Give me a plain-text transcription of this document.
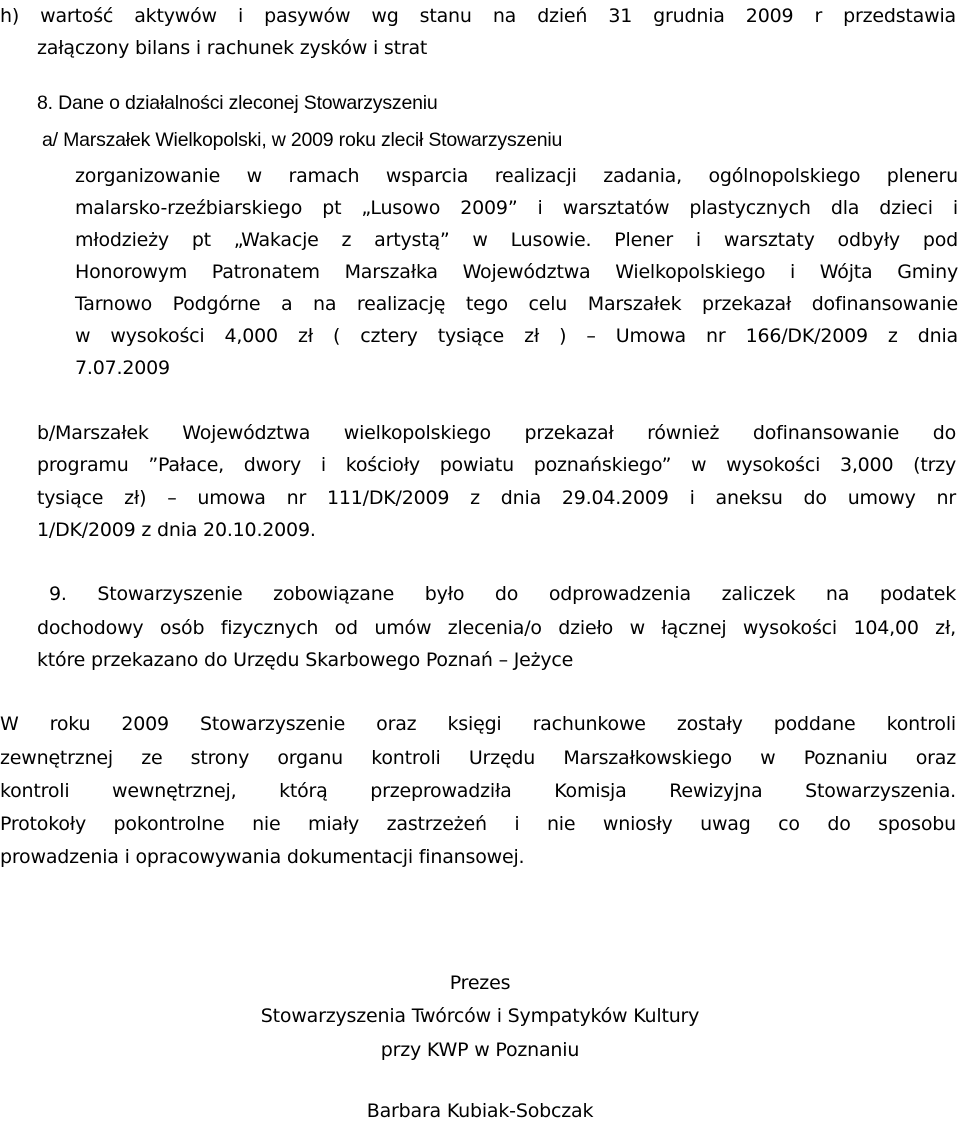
h) wartość aktywów i pasywów wg stanu na dzień 31 grudnia 2009 r przedstawia
załączony bilans i rachunek zysków i strat
8. Dane o działalności zleconej Stowarzyszeniu
a/ Marszałek Wielkopolski, w 2009 roku zlecił Stowarzyszeniu
zorganizowanie w ramach wsparcia realizacji zadania, ogólnopolskiego pleneru
malarsko-rzeźbiarskiego pt „Lusowo 2009” i warsztatów plastycznych dla dzieci i
młodzieży pt „Wakacje z artystą” w Lusowie. Plener i warsztaty odbyły pod
Honorowym Patronatem Marszałka Województwa Wielkopolskiego i Wójta Gminy
Tarnowo Podgórne a na realizację tego celu Marszałek przekazał dofinansowanie
w wysokości 4,000 zł ( cztery tysiące zł ) – Umowa nr 166/DK/2009 z dnia
7.07.2009
b/Marszałek Województwa wielkopolskiego przekazał również dofinansowanie do
programu ”Pałace, dwory i kościoły powiatu poznańskiego” w wysokości 3,000 (trzy
tysiące zł) – umowa nr 111/DK/2009 z dnia 29.04.2009 i aneksu do umowy nr
1/DK/2009 z dnia 20.10.2009.
9. Stowarzyszenie zobowiązane było do odprowadzenia zaliczek na podatek
dochodowy osób fizycznych od umów zlecenia/o dzieło w łącznej wysokości 104,00 zł,
które przekazano do Urzędu Skarbowego Poznań – Jeżyce
W roku 2009 Stowarzyszenie oraz księgi rachunkowe zostały poddane kontroli
zewnętrznej ze strony organu kontroli Urzędu Marszałkowskiego w Poznaniu oraz
kontroli wewnętrznej, którą przeprowadziła Komisja Rewizyjna Stowarzyszenia.
Protokoły pokontrolne nie miały zastrzeżeń i nie wniosły uwag co do sposobu
prowadzenia i opracowywania dokumentacji finansowej.
Prezes
Stowarzyszenia Twórców i Sympatyków Kultury
przy KWP w Poznaniu
Barbara Kubiak-Sobczak
